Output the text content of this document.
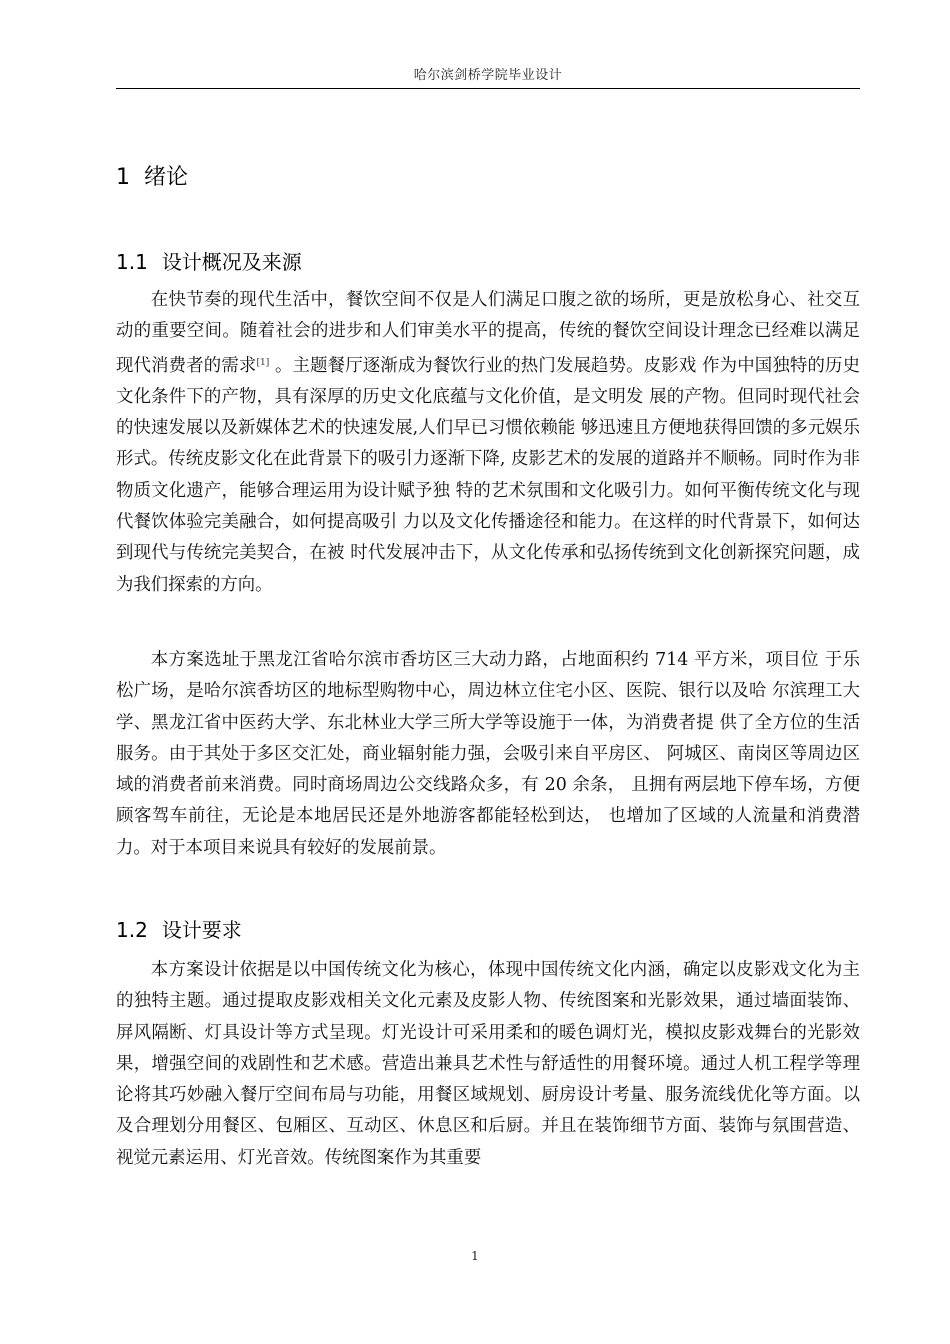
哈尔滨剑桥学院毕业设计
1 绪论
1.1 设计概况及来源

在快节奏的现代生活中，餐饮空间不仅是人们满足口腹之欲的场所，更是放松身心、社交互动的重要空间。随着社会的进步和人们审美水平的提高，传统的餐饮空间设计理念已经难以满足现代消费者的需求[1] 。主题餐厅逐渐成为餐饮行业的热门发展趋势。皮影戏 作为中国独特的历史文化条件下的产物，具有深厚的历史文化底蕴与文化价值，是文明发 展的产物。但同时现代社会的快速发展以及新媒体艺术的快速发展,人们早已习惯依赖能 够迅速且方便地获得回馈的多元娱乐形式。传统皮影文化在此背景下的吸引力逐渐下降, 皮影艺术的发展的道路并不顺畅。同时作为非物质文化遗产，能够合理运用为设计赋予独 特的艺术氛围和文化吸引力。如何平衡传统文化与现代餐饮体验完美融合，如何提高吸引 力以及文化传播途径和能力。在这样的时代背景下，如何达到现代与传统完美契合，在被 时代发展冲击下，从文化传承和弘扬传统到文化创新探究问题，成为我们探索的方向。

本方案选址于黑龙江省哈尔滨市香坊区三大动力路，占地面积约 714 平方米，项目位 于乐松广场，是哈尔滨香坊区的地标型购物中心，周边林立住宅小区、医院、银行以及哈 尔滨理工大学、黑龙江省中医药大学、东北林业大学三所大学等设施于一体，为消费者提 供了全方位的生活服务。由于其处于多区交汇处，商业辐射能力强，会吸引来自平房区、 阿城区、南岗区等周边区域的消费者前来消费。同时商场周边公交线路众多，有 20 余条， 且拥有两层地下停车场，方便顾客驾车前往，无论是本地居民还是外地游客都能轻松到达， 也增加了区域的人流量和消费潜力。对于本项目来说具有较好的发展前景。

1.2 设计要求

本方案设计依据是以中国传统文化为核心，体现中国传统文化内涵，确定以皮影戏文化为主的独特主题。通过提取皮影戏相关文化元素及皮影人物、传统图案和光影效果，通过墙面装饰、屏风隔断、灯具设计等方式呈现。灯光设计可采用柔和的暖色调灯光，模拟皮影戏舞台的光影效果，增强空间的戏剧性和艺术感。营造出兼具艺术性与舒适性的用餐环境。通过人机工程学等理论将其巧妙融入餐厅空间布局与功能，用餐区域规划、厨房设计考量、服务流线优化等方面。以及合理划分用餐区、包厢区、互动区、休息区和后厨。并且在装饰细节方面、装饰与氛围营造、视觉元素运用、灯光音效。传统图案作为其重要

1
